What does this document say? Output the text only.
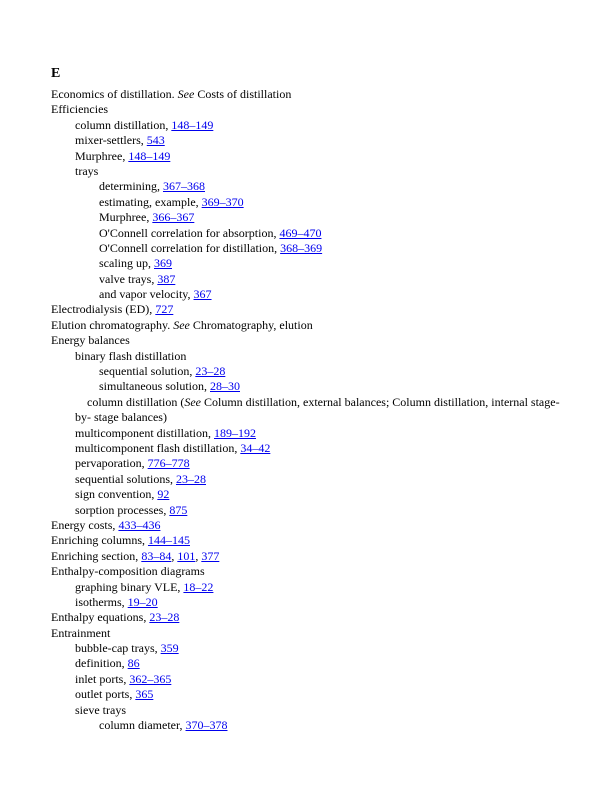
E
Economics of distillation. See Costs of distillation
Efficiencies
column distillation, 148–149
mixer-settlers, 543
Murphree, 148–149
trays
determining, 367–368
estimating, example, 369–370
Murphree, 366–367
O'Connell correlation for absorption, 469–470
O'Connell correlation for distillation, 368–369
scaling up, 369
valve trays, 387
and vapor velocity, 367
Electrodialysis (ED), 727
Elution chromatography. See Chromatography, elution
Energy balances
binary flash distillation
sequential solution, 23–28
simultaneous solution, 28–30
column distillation (See Column distillation, external balances; Column distillation, internal stage-by- stage balances)
multicomponent distillation, 189–192
multicomponent flash distillation, 34–42
pervaporation, 776–778
sequential solutions, 23–28
sign convention, 92
sorption processes, 875
Energy costs, 433–436
Enriching columns, 144–145
Enriching section, 83–84, 101, 377
Enthalpy-composition diagrams
graphing binary VLE, 18–22
isotherms, 19–20
Enthalpy equations, 23–28
Entrainment
bubble-cap trays, 359
definition, 86
inlet ports, 362–365
outlet ports, 365
sieve trays
column diameter, 370–378
